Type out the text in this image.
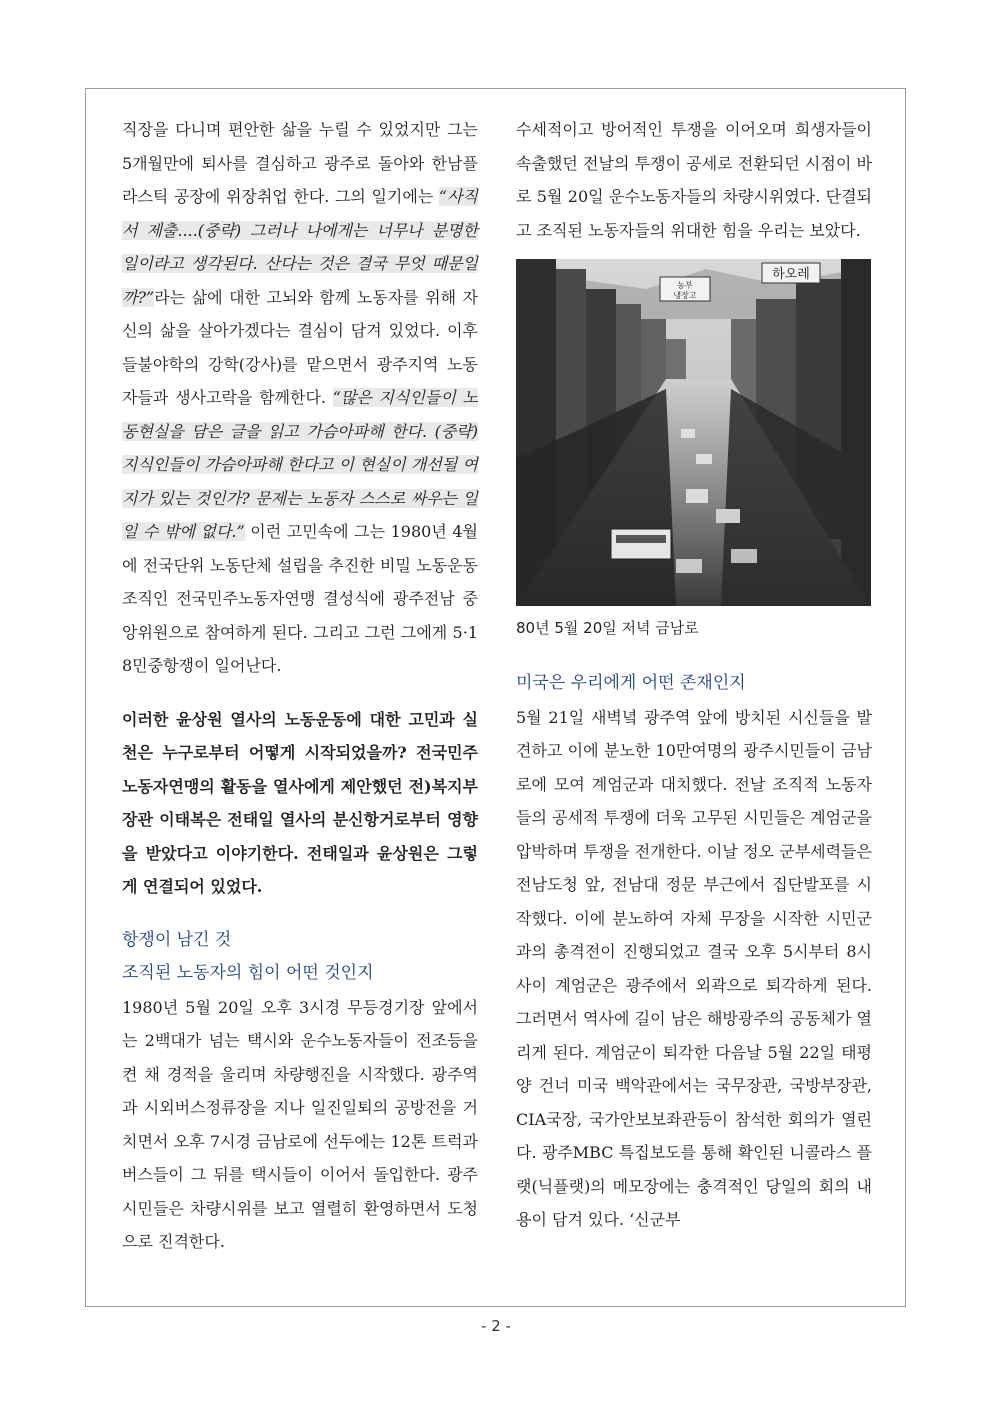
직장을 다니며 편안한 삶을 누릴 수 있었지만 그는 5개월만에 퇴사를 결심하고 광주로 돌아와 한남플라스틱 공장에 위장취업 한다. 그의 일기에는 “사직서 제출....(중략) 그러나 나에게는 너무나 분명한 일이라고 생각된다. 산다는 것은 결국 무엇 때문일까?”라는 삶에 대한 고뇌와 함께 노동자를 위해 자신의 삶을 살아가겠다는 결심이 담겨 있었다. 이후 들불야학의 강학(강사)를 맡으면서 광주지역 노동자들과 생사고락을 함께한다. “많은 지식인들이 노동현실을 담은 글을 읽고 가슴아파해 한다. (중략) 지식인들이 가슴아파해 한다고 이 현실이 개선될 여지가 있는 것인가? 문제는 노동자 스스로 싸우는 일일 수 밖에 없다.” 이런 고민속에 그는 1980년 4월에 전국단위 노동단체 설립을 추진한 비밀 노동운동조직인 전국민주노동자연맹 결성식에 광주전남 중앙위원으로 참여하게 된다. 그리고 그런 그에게 5·18민중항쟁이 일어난다.

이러한 윤상원 열사의 노동운동에 대한 고민과 실천은 누구로부터 어떻게 시작되었을까? 전국민주노동자연맹의 활동을 열사에게 제안했던 전)복지부 장관 이태복은 전태일 열사의 분신항거로부터 영향을 받았다고 이야기한다. 전태일과 윤상원은 그렇게 연결되어 있었다.

항쟁이 남긴 것
조직된 노동자의 힘이 어떤 것인지

1980년 5월 20일 오후 3시경 무등경기장 앞에서는 2백대가 넘는 택시와 운수노동자들이 전조등을 켠 채 경적을 울리며 차량행진을 시작했다. 광주역과 시외버스정류장을 지나 일진일퇴의 공방전을 거치면서 오후 7시경 금남로에 선두에는 12톤 트럭과 버스들이 그 뒤를 택시들이 이어서 돌입한다. 광주시민들은 차량시위를 보고 열렬히 환영하면서 도청으로 진격한다.

수세적이고 방어적인 투쟁을 이어오며 희생자들이 속출했던 전날의 투쟁이 공세로 전환되던 시점이 바로 5월 20일 운수노동자들의 차량시위였다. 단결되고 조직된 노동자들의 위대한 힘을 우리는 보았다.

농부
냉장고
하오레

80년 5월 20일 저녁 금남로

미국은 우리에게 어떤 존재인지

5월 21일 새벽녘 광주역 앞에 방치된 시신들을 발견하고 이에 분노한 10만여명의 광주시민들이 금남로에 모여 계엄군과 대치했다. 전날 조직적 노동자들의 공세적 투쟁에 더욱 고무된 시민들은 계엄군을 압박하며 투쟁을 전개한다. 이날 정오 군부세력들은 전남도청 앞, 전남대 정문 부근에서 집단발포를 시작했다. 이에 분노하여 자체 무장을 시작한 시민군과의 총격전이 진행되었고 결국 오후 5시부터 8시 사이 계엄군은 광주에서 외곽으로 퇴각하게 된다. 그러면서 역사에 길이 남은 해방광주의 공동체가 열리게 된다. 계엄군이 퇴각한 다음날 5월 22일 태평양 건너 미국 백악관에서는 국무장관, 국방부장관, CIA국장, 국가안보보좌관등이 참석한 회의가 열린다. 광주MBC 특집보도를 통해 확인된 니콜라스 플랫(닉플랫)의 메모장에는 충격적인 당일의 회의 내용이 담겨 있다. ‘신군부

- 2 -
